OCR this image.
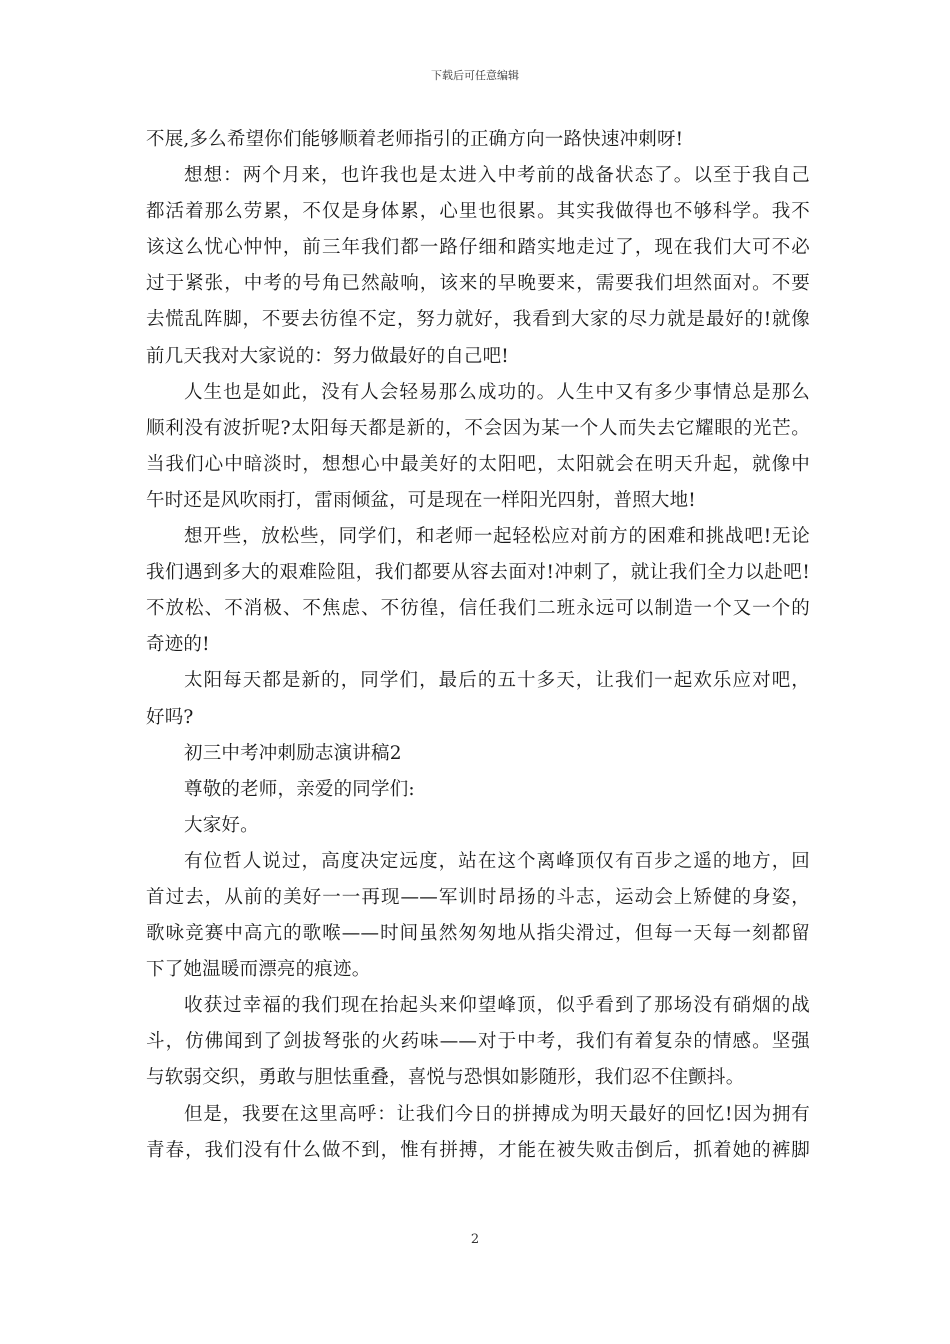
下载后可任意编辑
不展,多么希望你们能够顺着老师指引的正确方向一路快速冲刺呀!
想想：两个月来，也许我也是太进入中考前的战备状态了。以至于我自己
都活着那么劳累，不仅是身体累，心里也很累。其实我做得也不够科学。我不
该这么忧心忡忡，前三年我们都一路仔细和踏实地走过了，现在我们大可不必
过于紧张，中考的号角已然敲响，该来的早晚要来，需要我们坦然面对。不要
去慌乱阵脚，不要去彷徨不定，努力就好，我看到大家的尽力就是最好的!就像
前几天我对大家说的：努力做最好的自己吧!
人生也是如此，没有人会轻易那么成功的。人生中又有多少事情总是那么
顺利没有波折呢?太阳每天都是新的，不会因为某一个人而失去它耀眼的光芒。
当我们心中暗淡时，想想心中最美好的太阳吧，太阳就会在明天升起，就像中
午时还是风吹雨打，雷雨倾盆，可是现在一样阳光四射，普照大地!
想开些，放松些，同学们，和老师一起轻松应对前方的困难和挑战吧!无论
我们遇到多大的艰难险阻，我们都要从容去面对!冲刺了，就让我们全力以赴吧!
不放松、不消极、不焦虑、不彷徨，信任我们二班永远可以制造一个又一个的
奇迹的!
太阳每天都是新的，同学们，最后的五十多天，让我们一起欢乐应对吧，
好吗?
初三中考冲刺励志演讲稿2
尊敬的老师，亲爱的同学们:
大家好。
有位哲人说过，高度决定远度，站在这个离峰顶仅有百步之遥的地方，回
首过去，从前的美好一一再现——军训时昂扬的斗志，运动会上矫健的身姿，
歌咏竞赛中高亢的歌喉——时间虽然匆匆地从指尖滑过，但每一天每一刻都留
下了她温暖而漂亮的痕迹。
收获过幸福的我们现在抬起头来仰望峰顶，似乎看到了那场没有硝烟的战
斗，仿佛闻到了剑拔弩张的火药味——对于中考，我们有着复杂的情感。坚强
与软弱交织，勇敢与胆怯重叠，喜悦与恐惧如影随形，我们忍不住颤抖。
但是，我要在这里高呼：让我们今日的拼搏成为明天最好的回忆!因为拥有
青春，我们没有什么做不到，惟有拼搏，才能在被失败击倒后，抓着她的裤脚
2
